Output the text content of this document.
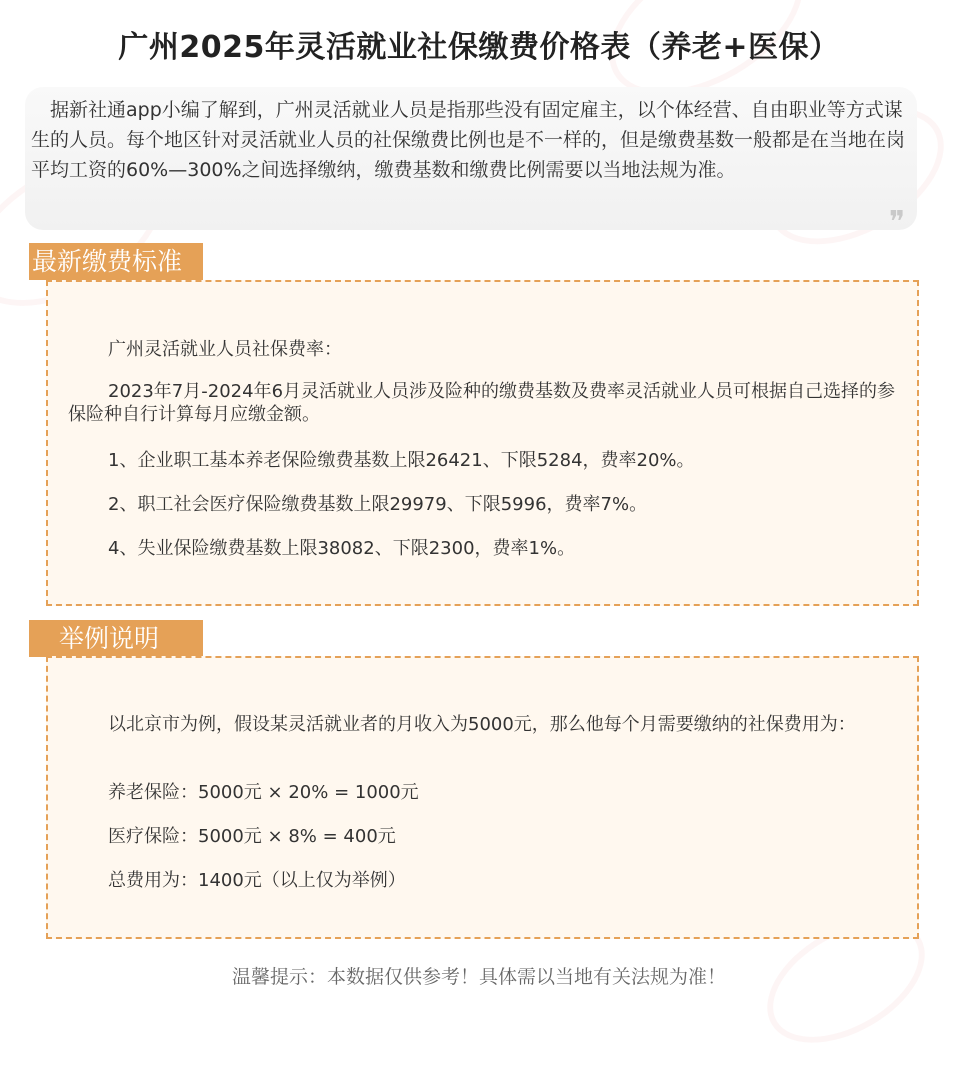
广州2025年灵活就业社保缴费价格表（养老+医保）

据新社通app小编了解到，广州灵活就业人员是指那些没有固定雇主，以个体经营、自由职业等方式谋生的人员。每个地区针对灵活就业人员的社保缴费比例也是不一样的，但是缴费基数一般都是在当地在岗平均工资的60%—300%之间选择缴纳，缴费基数和缴费比例需要以当地法规为准。

❝
最新缴费标准

广州灵活就业人员社保费率：

2023年7月-2024年6月灵活就业人员涉及险种的缴费基数及费率灵活就业人员可根据自己选择的参保险种自行计算每月应缴金额。

1、企业职工基本养老保险缴费基数上限26421、下限5284，费率20%。

2、职工社会医疗保险缴费基数上限29979、下限5996，费率7%。

4、失业保险缴费基数上限38082、下限2300，费率1%。

举例说明

以北京市为例，假设某灵活就业者的月收入为5000元，那么他每个月需要缴纳的社保费用为：

养老保险：5000元 × 20% = 1000元

医疗保险：5000元 × 8% = 400元

总费用为：1400元（以上仅为举例）

温馨提示：本数据仅供参考！具体需以当地有关法规为准！
